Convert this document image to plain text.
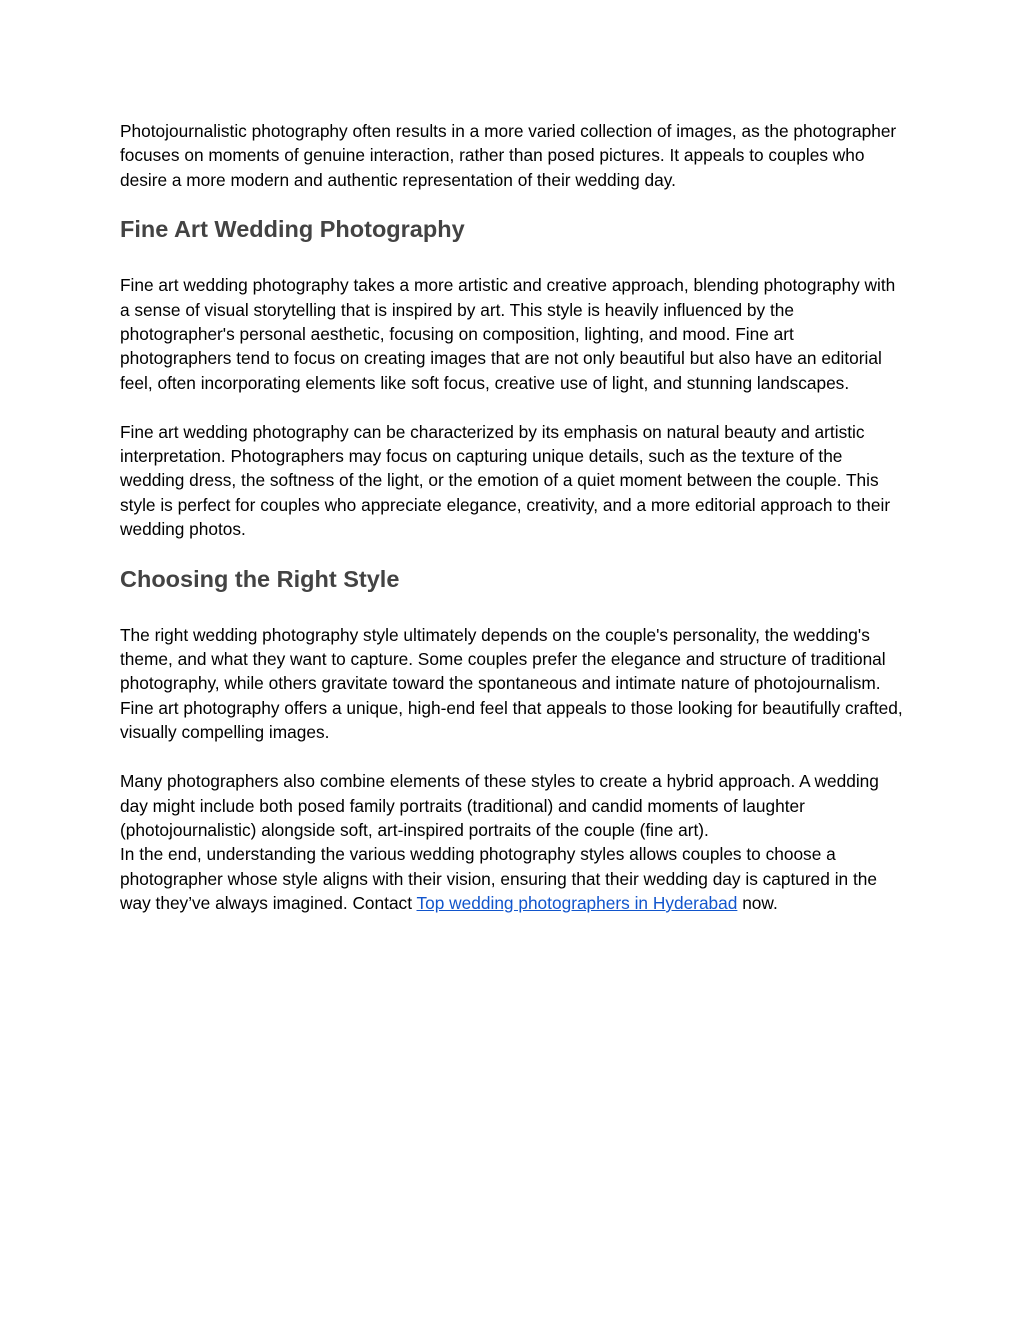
Photojournalistic photography often results in a more varied collection of images, as the photographer focuses on moments of genuine interaction, rather than posed pictures. It appeals to couples who desire a more modern and authentic representation of their wedding day.

Fine Art Wedding Photography

Fine art wedding photography takes a more artistic and creative approach, blending photography with a sense of visual storytelling that is inspired by art. This style is heavily influenced by the photographer's personal aesthetic, focusing on composition, lighting, and mood. Fine art photographers tend to focus on creating images that are not only beautiful but also have an editorial feel, often incorporating elements like soft focus, creative use of light, and stunning landscapes.

Fine art wedding photography can be characterized by its emphasis on natural beauty and artistic interpretation. Photographers may focus on capturing unique details, such as the texture of the wedding dress, the softness of the light, or the emotion of a quiet moment between the couple. This style is perfect for couples who appreciate elegance, creativity, and a more editorial approach to their wedding photos.

Choosing the Right Style

The right wedding photography style ultimately depends on the couple's personality, the wedding's theme, and what they want to capture. Some couples prefer the elegance and structure of traditional photography, while others gravitate toward the spontaneous and intimate nature of photojournalism. Fine art photography offers a unique, high-end feel that appeals to those looking for beautifully crafted, visually compelling images.

Many photographers also combine elements of these styles to create a hybrid approach. A wedding day might include both posed family portraits (traditional) and candid moments of laughter (photojournalistic) alongside soft, art-inspired portraits of the couple (fine art).

In the end, understanding the various wedding photography styles allows couples to choose a photographer whose style aligns with their vision, ensuring that their wedding day is captured in the way they’ve always imagined. Contact Top wedding photographers in Hyderabad now.
